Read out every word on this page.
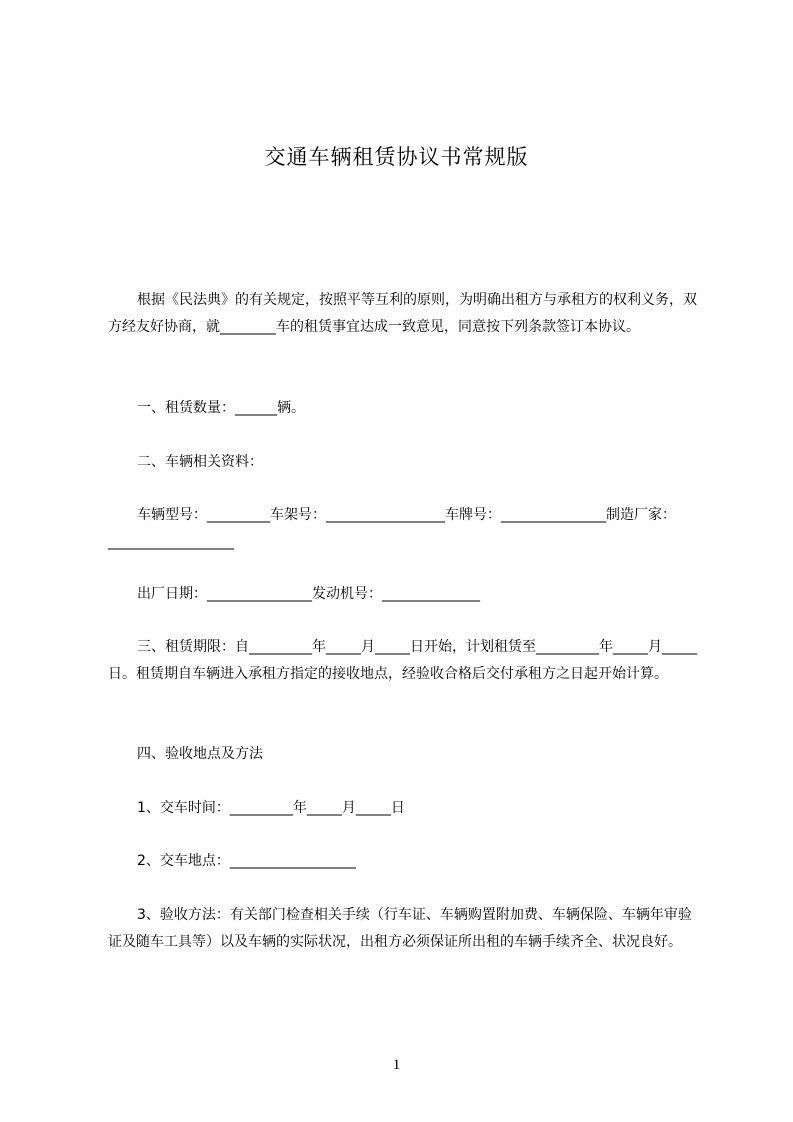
交通车辆租赁协议书常规版

根据《民法典》的有关规定，按照平等互利的原则，为明确出租方与承租方的权利义务，双方经友好协商，就________车的租赁事宜达成一致意见，同意按下列条款签订本协议。

一、租赁数量：______辆。

二、车辆相关资料：

车辆型号：_________车架号：_________________车牌号：_______________制造厂家：__________________

出厂日期：_______________发动机号：______________

三、租赁期限：自_________年_____月_____日开始，计划租赁至_________年_____月_____日。租赁期自车辆进入承租方指定的接收地点，经验收合格后交付承租方之日起开始计算。

四、验收地点及方法

1、交车时间：_________年_____月_____日

2、交车地点：__________________

3、验收方法：有关部门检查相关手续（行车证、车辆购置附加费、车辆保险、车辆年审验证及随车工具等）以及车辆的实际状况，出租方必须保证所出租的车辆手续齐全、状况良好。

1
